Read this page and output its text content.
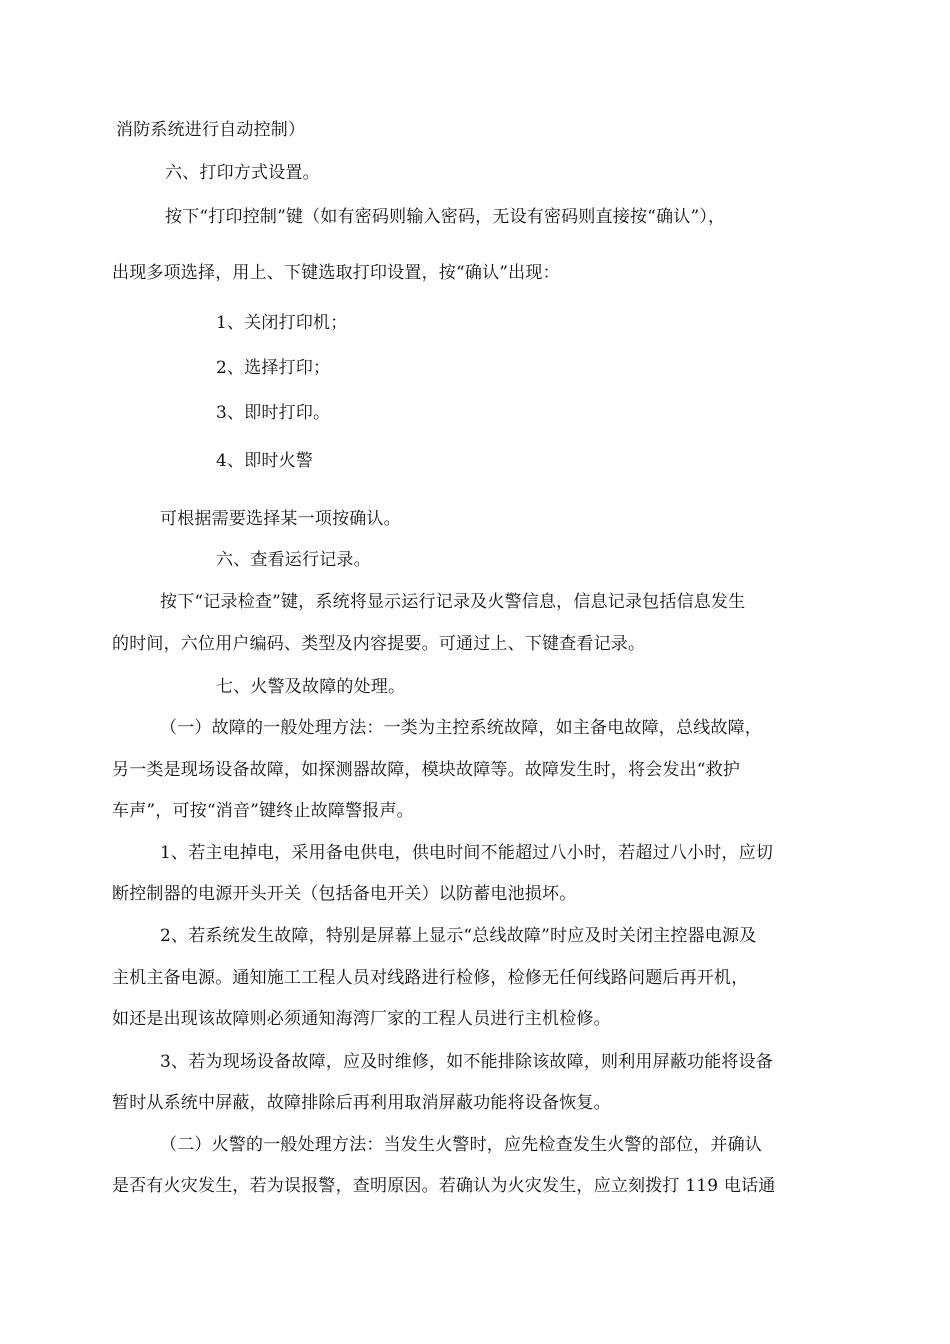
消防系统进行自动控制）
六、打印方式设置。
按下“打印控制”键（如有密码则输入密码，无设有密码则直接按“确认”），
出现多项选择，用上、下键选取打印设置，按“确认”出现：
1、关闭打印机；
2、选择打印；
3、即时打印。
4、即时火警
可根据需要选择某一项按确认。
六、查看运行记录。
按下“记录检查”键，系统将显示运行记录及火警信息，信息记录包括信息发生
的时间，六位用户编码、类型及内容提要。可通过上、下键查看记录。
七、火警及故障的处理。
（一）故障的一般处理方法：一类为主控系统故障，如主备电故障，总线故障，
另一类是现场设备故障，如探测器故障，模块故障等。故障发生时，将会发出“救护
车声”，可按“消音”键终止故障警报声。
1、若主电掉电，采用备电供电，供电时间不能超过八小时，若超过八小时，应切
断控制器的电源开头开关（包括备电开关）以防蓄电池损坏。
2、若系统发生故障，特别是屏幕上显示“总线故障”时应及时关闭主控器电源及
主机主备电源。通知施工工程人员对线路进行检修，检修无任何线路问题后再开机，
如还是出现该故障则必须通知海湾厂家的工程人员进行主机检修。
3、若为现场设备故障，应及时维修，如不能排除该故障，则利用屏蔽功能将设备
暂时从系统中屏蔽，故障排除后再利用取消屏蔽功能将设备恢复。
（二）火警的一般处理方法：当发生火警时，应先检查发生火警的部位，并确认
是否有火灾发生，若为误报警，查明原因。若确认为火灾发生，应立刻拨打 119 电话通
